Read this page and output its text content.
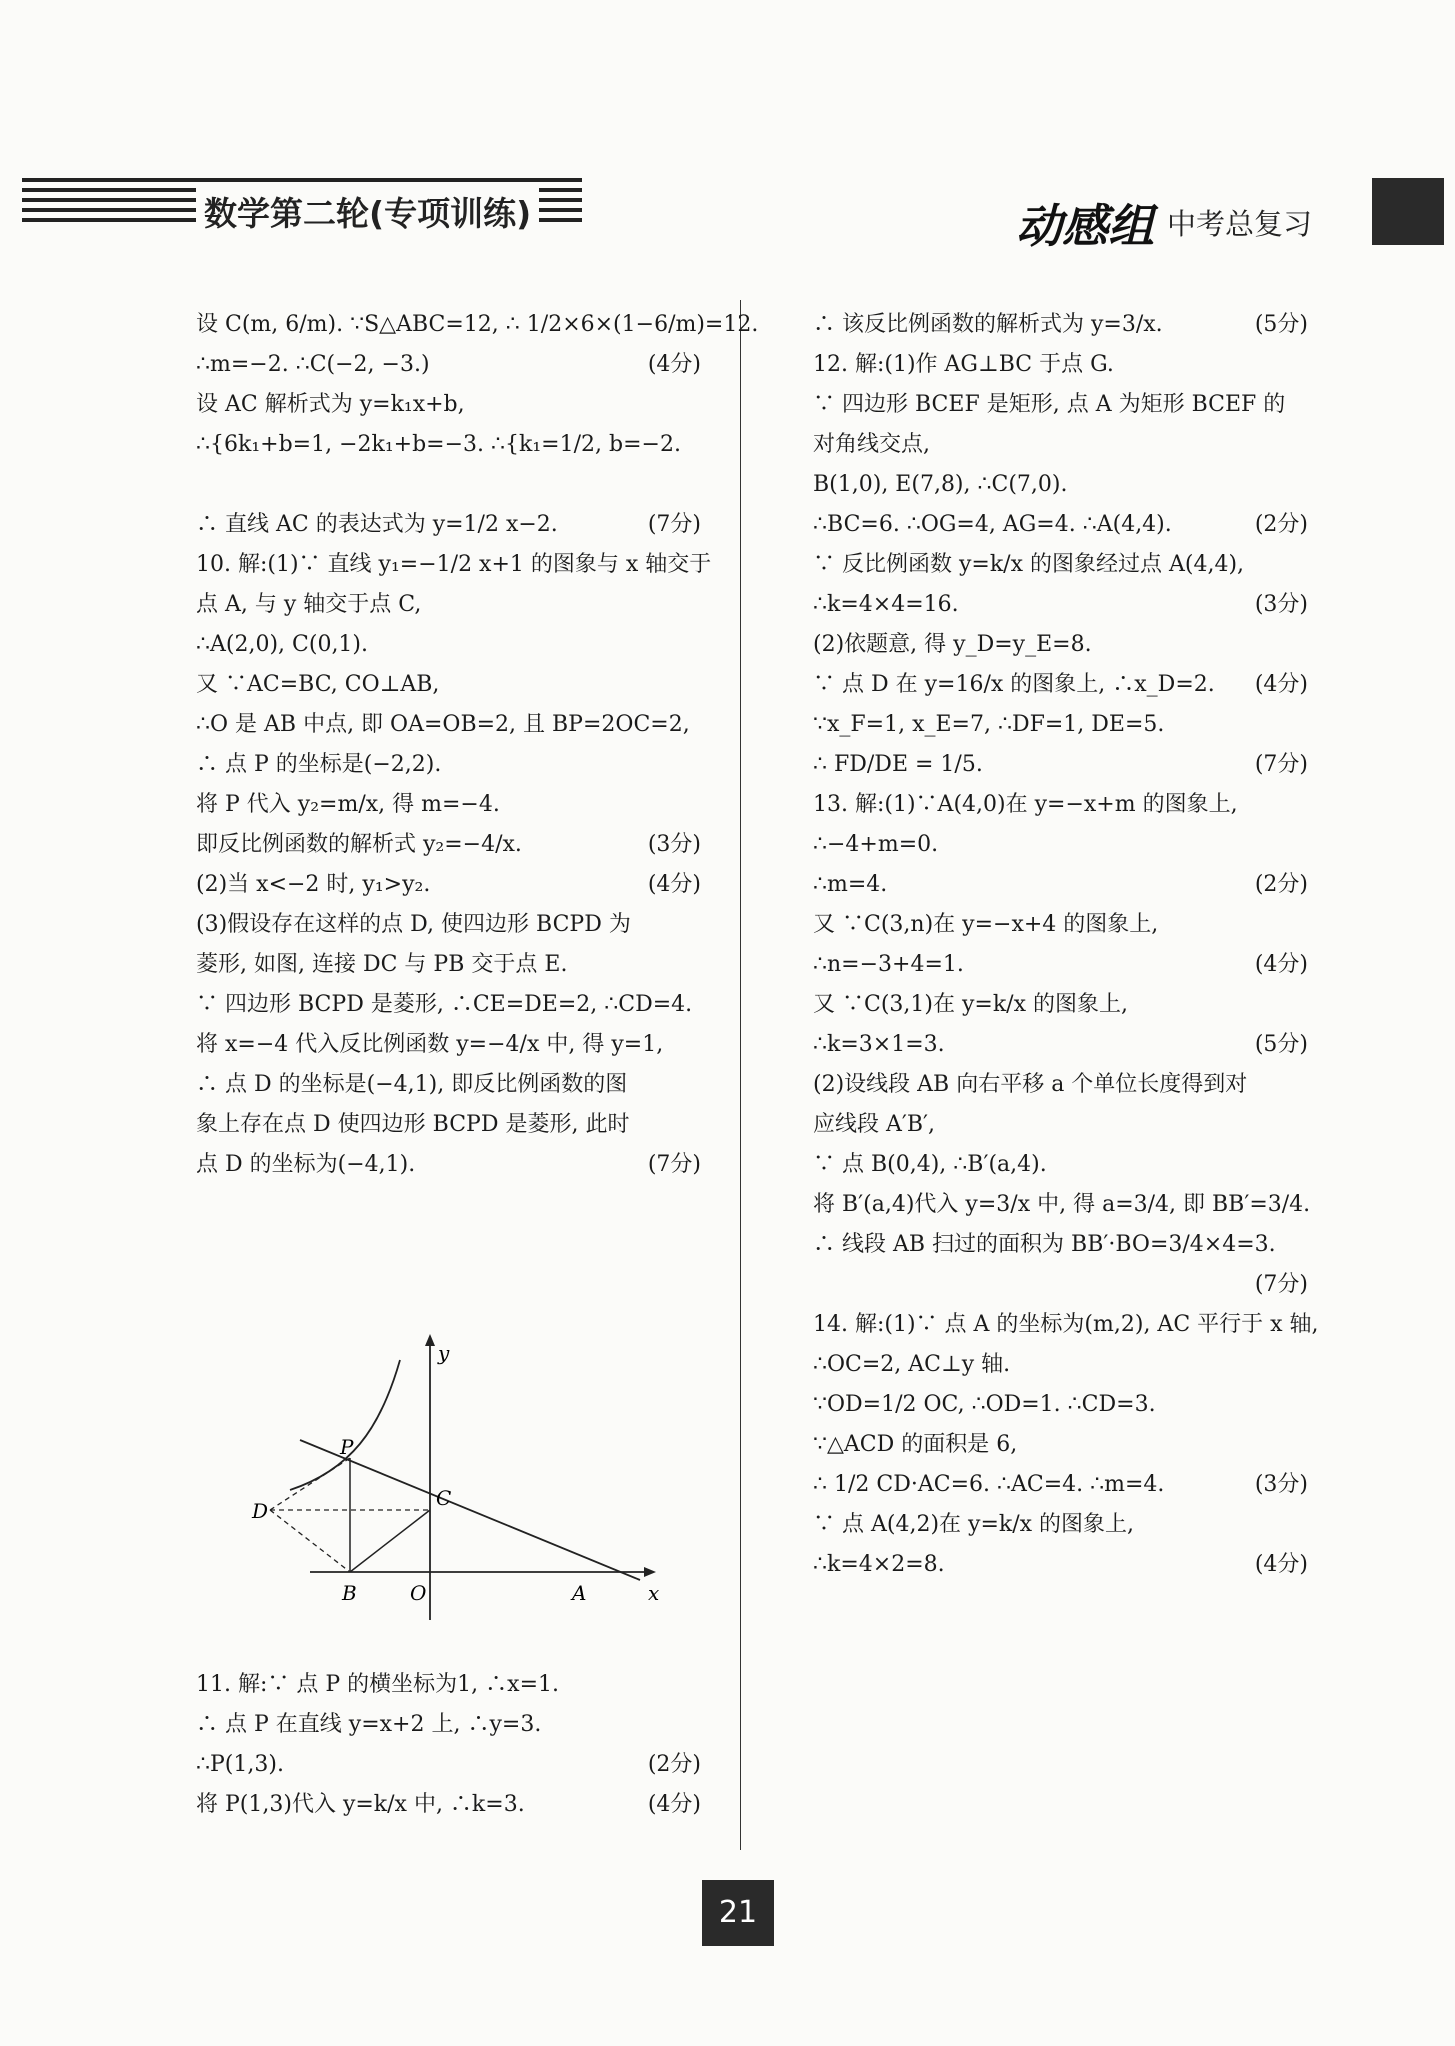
数学第二轮(专项训练)	动感组 中考总复习
设 C(m, 6/m). ∵S△ABC=12, ∴ 1/2×6×(1−6/m)=12.
∴m=−2. ∴C(−2, −3.)	(4分)
设 AC 解析式为 y=k₁x+b,
∴{6k₁+b=1, −2k₁+b=−3. ∴{k₁=1/2, b=−2.
∴ 直线 AC 的表达式为 y=1/2 x−2.	(7分)
10. 解:(1)∵ 直线 y₁=−1/2 x+1 的图象与 x 轴交于
点 A, 与 y 轴交于点 C,
∴A(2,0), C(0,1).
又 ∵AC=BC, CO⊥AB,
∴O 是 AB 中点, 即 OA=OB=2, 且 BP=2OC=2,
∴ 点 P 的坐标是(−2,2).
将 P 代入 y₂=m/x, 得 m=−4.
即反比例函数的解析式 y₂=−4/x.	(3分)
(2)当 x<−2 时, y₁>y₂.	(4分)
(3)假设存在这样的点 D, 使四边形 BCPD 为
菱形, 如图, 连接 DC 与 PB 交于点 E.
∵ 四边形 BCPD 是菱形, ∴CE=DE=2, ∴CD=4.
将 x=−4 代入反比例函数 y=−4/x 中, 得 y=1,
∴ 点 D 的坐标是(−4,1), 即反比例函数的图
象上存在点 D 使四边形 BCPD 是菱形, 此时
点 D 的坐标为(−4,1).	(7分)
y
x
P
C
D
B	O	A
11. 解:∵ 点 P 的横坐标为1, ∴x=1.
∴ 点 P 在直线 y=x+2 上, ∴y=3.
∴P(1,3).	(2分)
将 P(1,3)代入 y=k/x 中, ∴k=3.	(4分)
∴ 该反比例函数的解析式为 y=3/x.	(5分)
12. 解:(1)作 AG⊥BC 于点 G.
∵ 四边形 BCEF 是矩形, 点 A 为矩形 BCEF 的
对角线交点,
B(1,0), E(7,8), ∴C(7,0).
∴BC=6. ∴OG=4, AG=4. ∴A(4,4).	(2分)
∵ 反比例函数 y=k/x 的图象经过点 A(4,4),
∴k=4×4=16.	(3分)
(2)依题意, 得 y_D=y_E=8.
∵ 点 D 在 y=16/x 的图象上, ∴x_D=2. (4分)
∵x_F=1, x_E=7, ∴DF=1, DE=5.
∴ FD/DE = 1/5.	(7分)
13. 解:(1)∵A(4,0)在 y=−x+m 的图象上,
∴−4+m=0.
∴m=4.	(2分)
又 ∵C(3,n)在 y=−x+4 的图象上,
∴n=−3+4=1.	(4分)
又 ∵C(3,1)在 y=k/x 的图象上,
∴k=3×1=3.	(5分)
(2)设线段 AB 向右平移 a 个单位长度得到对
应线段 A′B′,
∵ 点 B(0,4), ∴B′(a,4).
将 B′(a,4)代入 y=3/x 中, 得 a=3/4, 即 BB′=3/4.
∴ 线段 AB 扫过的面积为 BB′·BO=3/4×4=3.
(7分)
14. 解:(1)∵ 点 A 的坐标为(m,2), AC 平行于 x 轴,
∴OC=2, AC⊥y 轴.
∵OD=1/2 OC, ∴OD=1. ∴CD=3.
∵△ACD 的面积是 6,
∴ 1/2 CD·AC=6. ∴AC=4. ∴m=4.	(3分)
∵ 点 A(4,2)在 y=k/x 的图象上,
∴k=4×2=8.	(4分)
21
